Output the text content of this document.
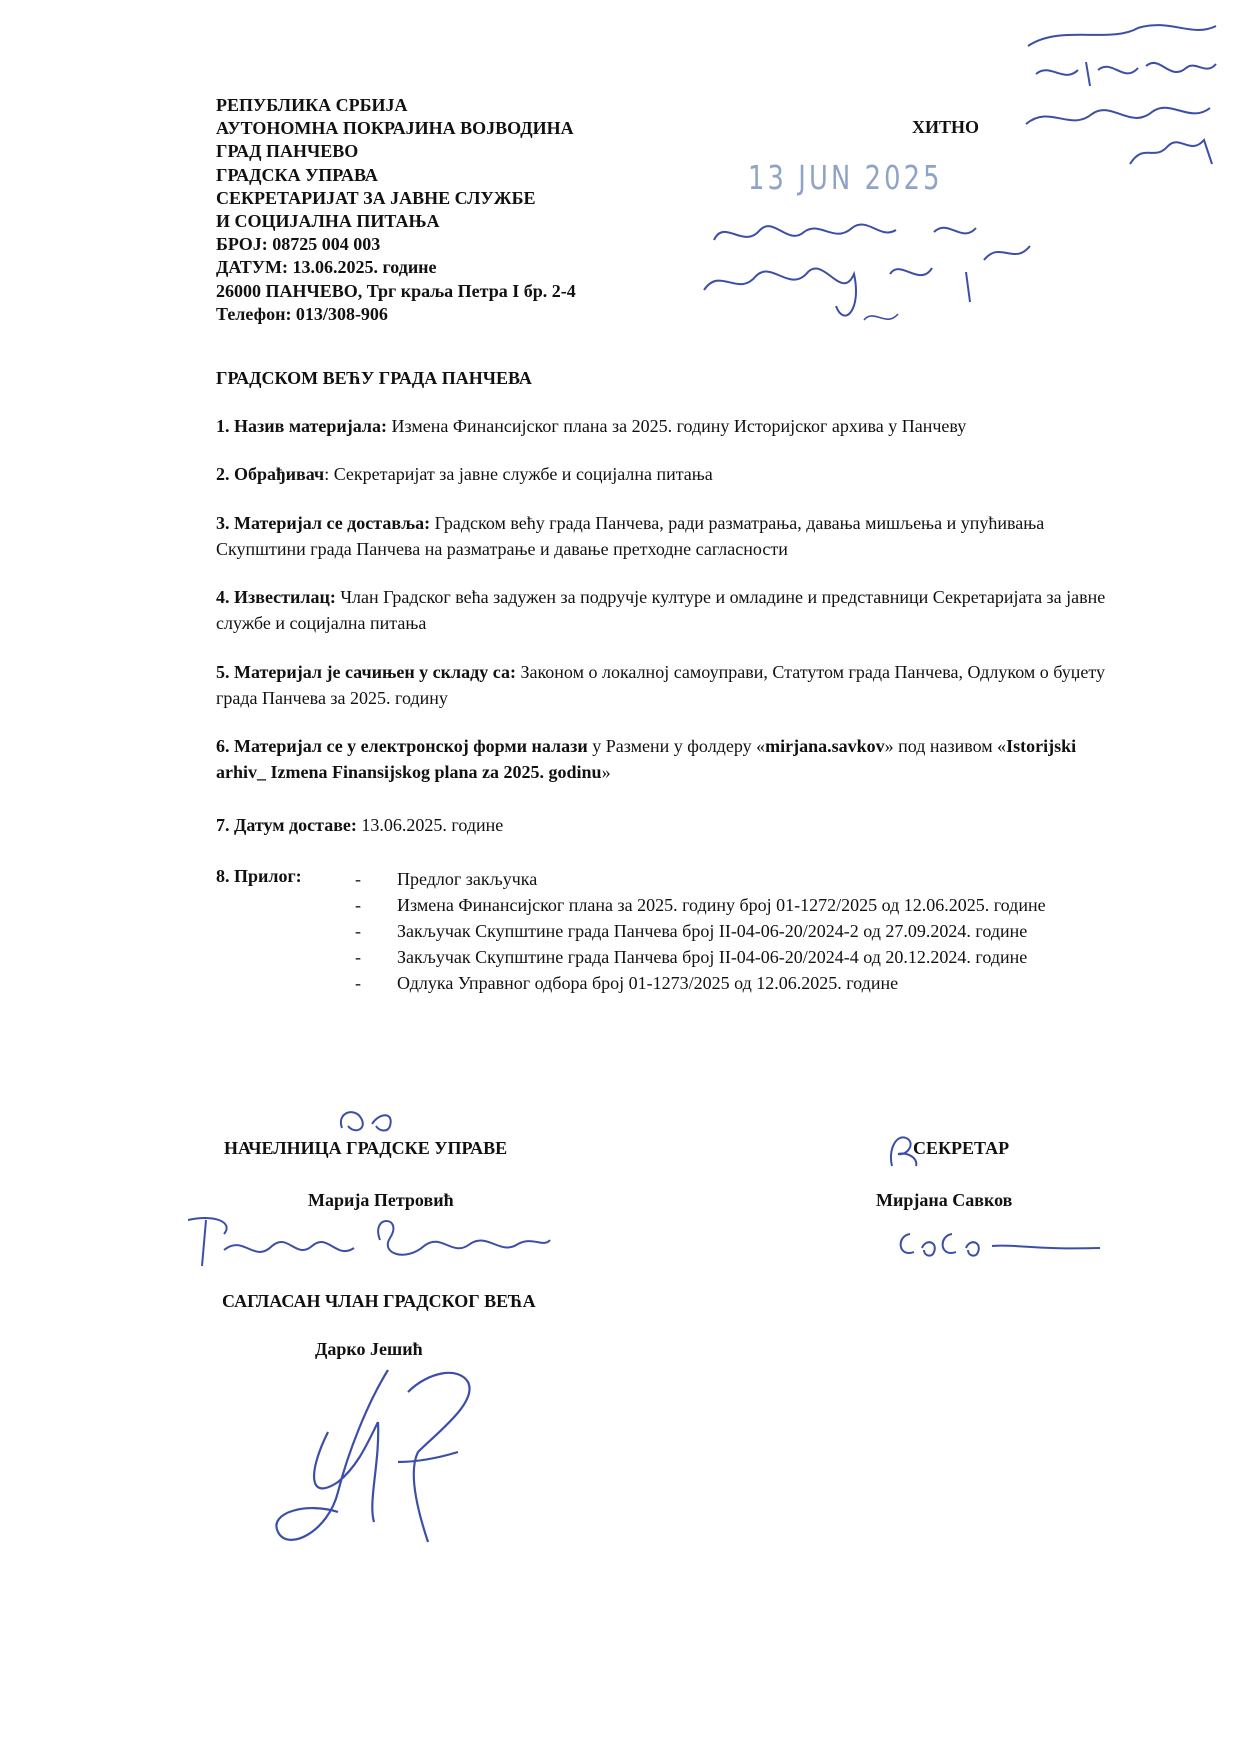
РЕПУБЛИКА СРБИЈА
АУТОНОМНА ПОКРАЈИНА ВОЈВОДИНА
ГРАД ПАНЧЕВО
ГРАДСКА УПРАВА
СЕКРЕТАРИЈАТ ЗА ЈАВНЕ СЛУЖБЕ
И СОЦИЈАЛНА ПИТАЊА
БРОЈ: 08725 004 003
ДАТУМ: 13.06.2025. године
26000 ПАНЧЕВО, Трг краља Петра I бр. 2-4
Телефон: 013/308-906
ХИТНО
13 JUN 2025
ГРАДСКОМ ВЕЋУ ГРАДА ПАНЧЕВА
1. Назив материјала: Измена Финансијског плана за 2025. годину Историјског архива у Панчеву
2. Обрађивач: Секретаријат за јавне службе и социјална питања
3. Материјал се доставља: Градском већу града Панчева, ради разматрања, давања мишљења и упућивања Скупштини града Панчева на разматрање и давање претходне сагласности
4. Известилац: Члан Градског већа задужен за подручје културе и омладине и представници Секретаријата за јавне службе и социјална питања
5. Материјал је сачињен у складу са: Законом о локалној самоуправи, Статутом града Панчева, Одлуком о буџету града Панчева за 2025. годину
6. Материјал се у електронској форми налази у Размени у фолдеру «mirjana.savkov» под називом «Istorijski arhiv_ Izmena Finansijskog plana za 2025. godinu»
7. Датум доставе: 13.06.2025. године
8. Прилог:	- Предлог закључка
- Измена Финансијског плана за 2025. годину број 01-1272/2025 од 12.06.2025. године
- Закључак Скупштине града Панчева број II-04-06-20/2024-2 од 27.09.2024. године
- Закључак Скупштине града Панчева број II-04-06-20/2024-4 од 20.12.2024. године
- Одлука Управног одбора број 01-1273/2025 од 12.06.2025. године
НАЧЕЛНИЦА ГРАДСКЕ УПРАВЕ
Марија Петровић
СЕКРЕТАР
Мирјана Савков
САГЛАСАН ЧЛАН ГРАДСКОГ ВЕЋА
Дарко Јешић
